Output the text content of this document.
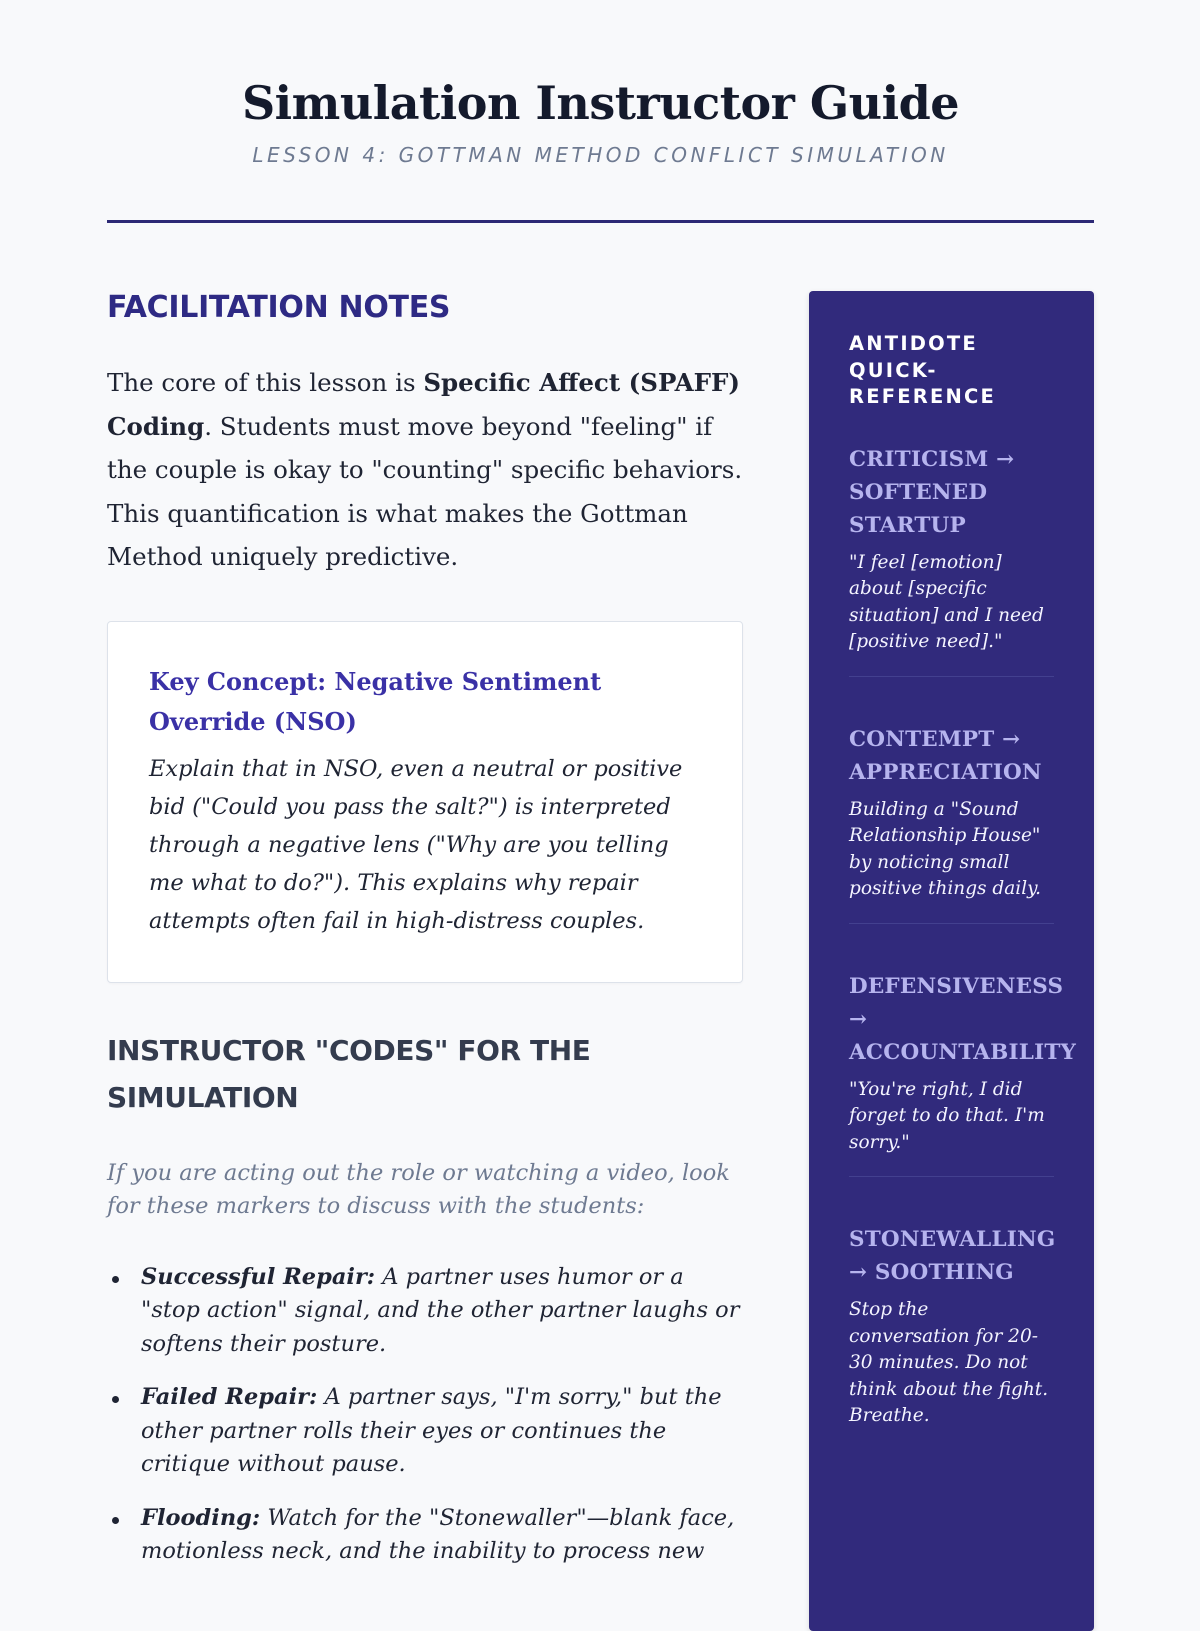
Simulation Instructor Guide
LESSON 4: GOTTMAN METHOD CONFLICT SIMULATION
FACILITATION NOTES

The core of this lesson is Specific Affect (SPAFF) Coding. Students must move beyond "feeling" if the couple is okay to "counting" specific behaviors. This quantification is what makes the Gottman Method uniquely predictive.

Key Concept: Negative Sentiment Override (NSO)

Explain that in NSO, even a neutral or positive bid ("Could you pass the salt?") is interpreted through a negative lens ("Why are you telling me what to do?"). This explains why repair attempts often fail in high-distress couples.

INSTRUCTOR "CODES" FOR THE SIMULATION
If you are acting out the role or watching a video, look for these markers to discuss with the students:
Successful Repair: A partner uses humor or a "stop action" signal, and the other partner laughs or softens their posture.
Failed Repair: A partner says, "I'm sorry," but the other partner rolls their eyes or continues the critique without pause.
Flooding: Watch for the "Stonewaller"—blank face, motionless neck, and the inability to process new
ANTIDOTE QUICK-REFERENCE
CRITICISM → SOFTENED STARTUP

"I feel [emotion] about [specific situation] and I need [positive need]."

CONTEMPT → APPRECIATION

Building a "Sound Relationship House" by noticing small positive things daily.

DEFENSIVENESS → ACCOUNTABILITY

"You're right, I did forget to do that. I'm sorry."

STONEWALLING → SOOTHING

Stop the conversation for 20-30 minutes. Do not think about the fight. Breathe.
